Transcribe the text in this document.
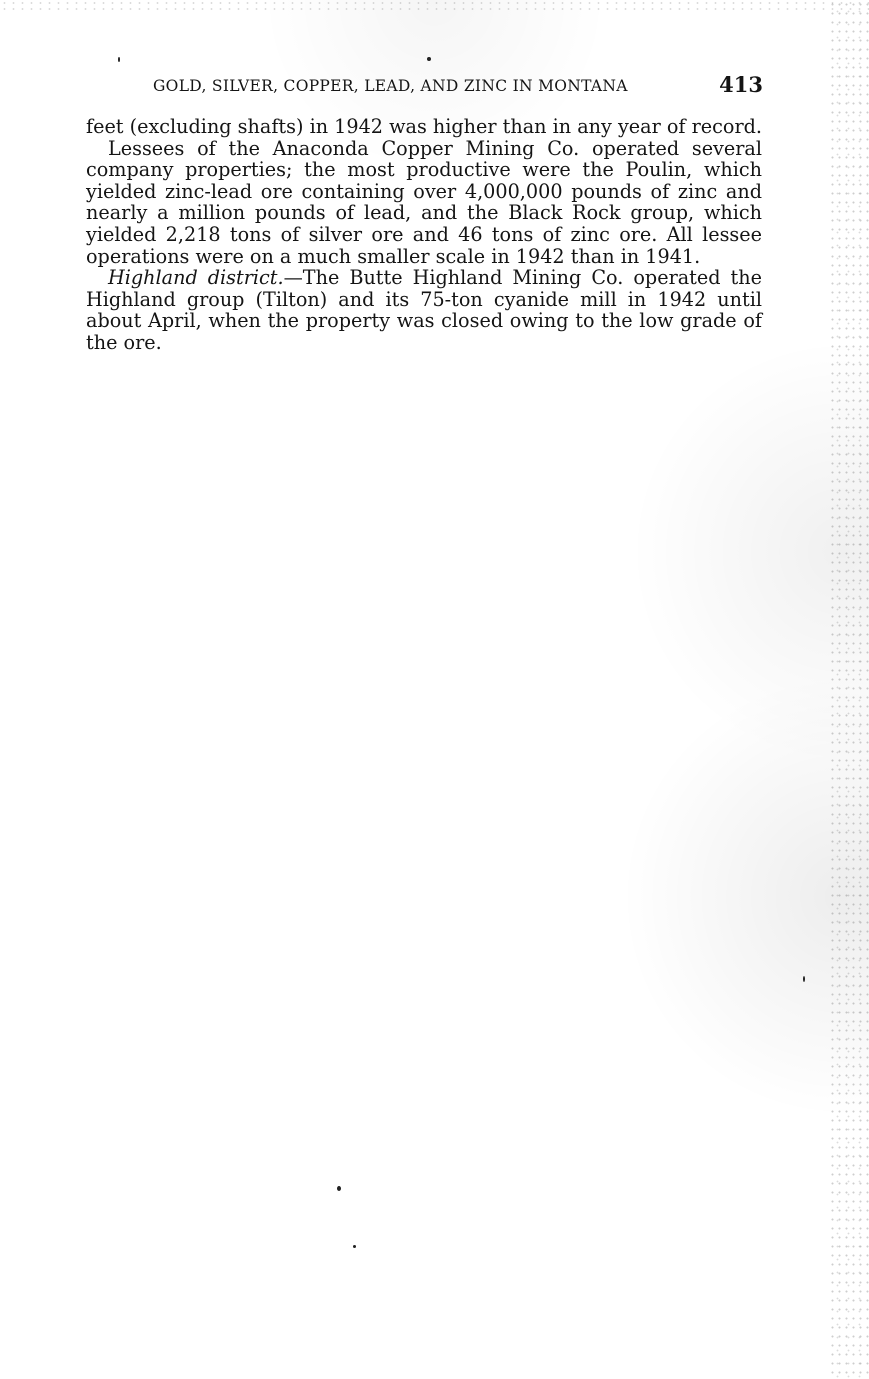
GOLD, SILVER, COPPER, LEAD, AND ZINC IN MONTANA	413

feet (excluding shafts) in 1942 was higher than in any year of record.

Lessees of the Anaconda Copper Mining Co. operated several company properties; the most productive were the Poulin, which yielded zinc-lead ore containing over 4,000,000 pounds of zinc and nearly a million pounds of lead, and the Black Rock group, which yielded 2,218 tons of silver ore and 46 tons of zinc ore. All lessee operations were on a much smaller scale in 1942 than in 1941.

Highland district.—The Butte Highland Mining Co. operated the Highland group (Tilton) and its 75-ton cyanide mill in 1942 until about April, when the property was closed owing to the low grade of the ore.
